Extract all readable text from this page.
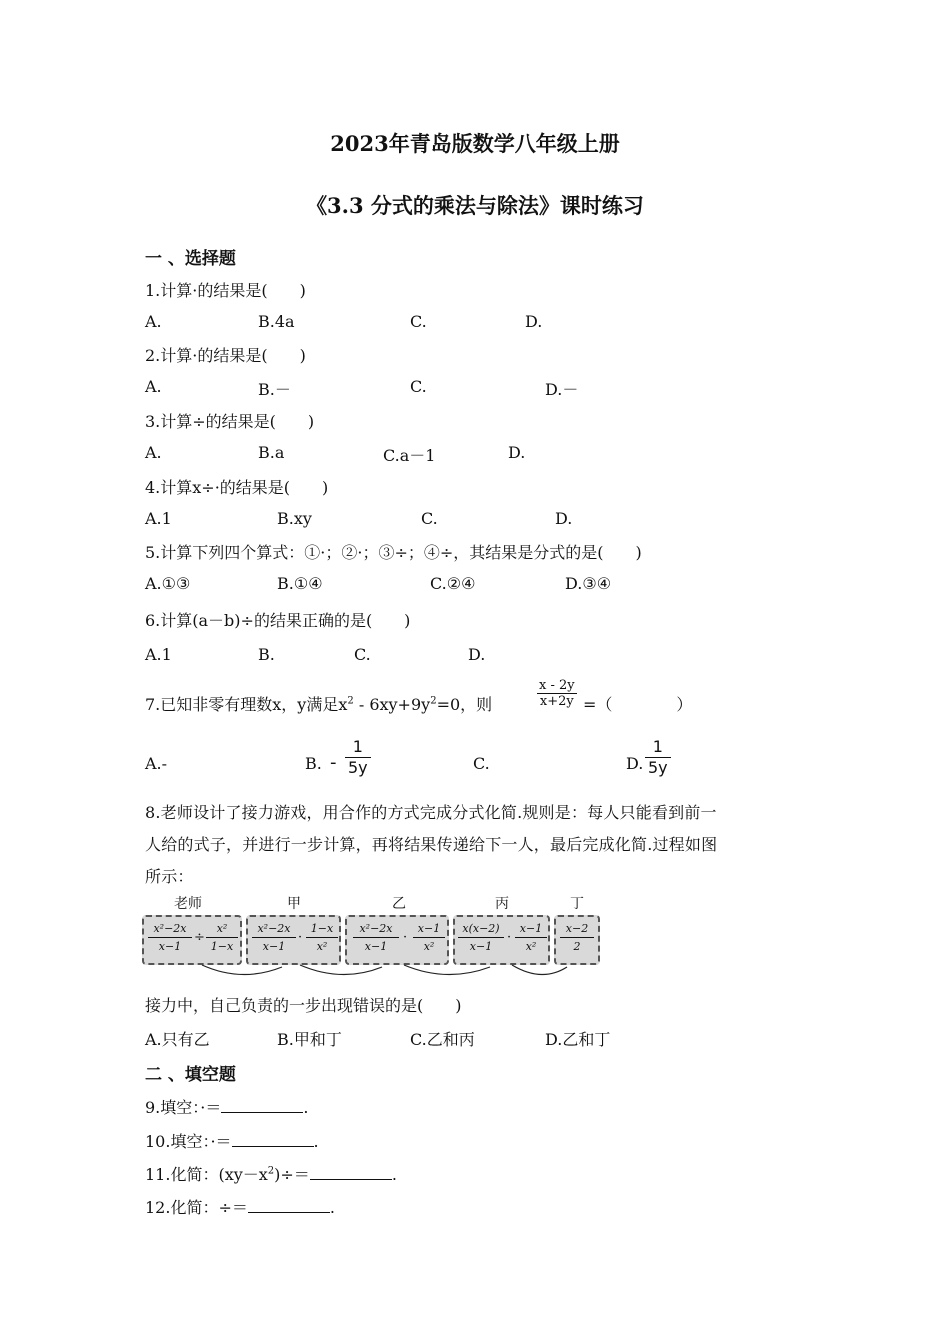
2023年青岛版数学八年级上册
《3.3 分式的乘法与除法》课时练习
一 、选择题
1.计算·的结果是(　　)
A.	B.4a	C.	D.
2.计算·的结果是(　　)
A.	B.－	C.	D.－
3.计算÷的结果是(　　)
A.	B.a	C.a－1	D.
4.计算x÷·的结果是(　　)
A.1	B.xy	C.	D.
5.计算下列四个算式：①·；②·；③÷；④÷，其结果是分式的是(　　)
A.①③	B.①④	C.②④	D.③④
6.计算(a－b)÷的结果正确的是(　　)
A.1	B.	C.	D.
7.已知非零有理数x，y满足$x^2 - 6xy+9y^2=0$，则	$\frac{x - 2y}{x+2y}$ =（　　　　）
A.-	B. - $\frac{1}{5y}$	C.	D. $\frac{1}{5y}$
8.老师设计了接力游戏，用合作的方式完成分式化简.规则是：每人只能看到前一
人给的式子，并进行一步计算，再将结果传递给下一人，最后完成化简.过程如图
所示：
老师	甲	乙	丙	丁
x²−2x
x−1
÷
x²
1−x
x²−2x
x−1
·
1−x
x²
x²−2x
x−1
·
x−1
x²
x(x−2)
x−1
·
x−1
x²
x−2
2
接力中，自己负责的一步出现错误的是(　　)
A.只有乙	B.甲和丁	C.乙和丙	D.乙和丁
二 、填空题
9.填空：·＝	.
10.填空：·＝	.
11.化简：$(xy-x^2)\div=$	.
12.化简：÷＝	.
